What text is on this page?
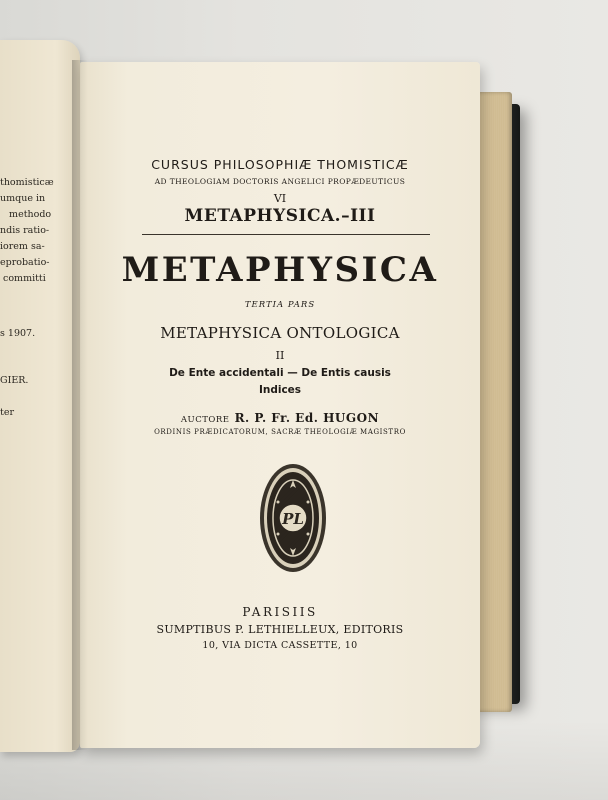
thomisticæ
umque in
methodo
ndis ratio-
iorem sa-
eprobatio-
committi
s 1907.
GIER.
ter
CURSUS PHILOSOPHIÆ THOMISTICÆ
AD THEOLOGIAM DOCTORIS ANGELICI PROPÆDEUTICUS
VI
METAPHYSICA.–III
METAPHYSICA
TERTIA PARS
METAPHYSICA ONTOLOGICA
II
De Ente accidentali — De Entis causis
Indices
AUCTORE R. P. Fr. Ed. HUGON
ORDINIS PRÆDICATORUM, SACRÆ THEOLOGIÆ MAGISTRO
PL
PARISIIS
SUMPTIBUS P. LETHIELLEUX, EDITORIS
10, VIA DICTA CASSETTE, 10
